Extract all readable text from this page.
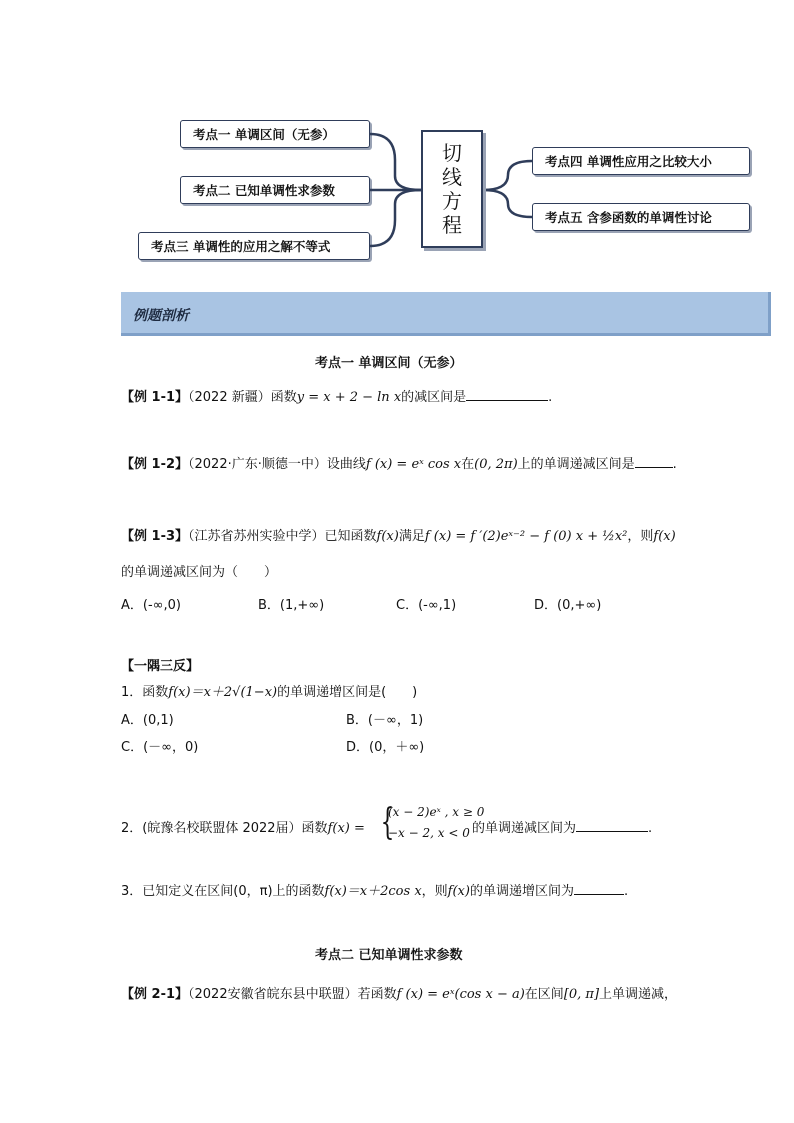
考点一 单调区间（无参）
考点二 已知单调性求参数
考点三 单调性的应用之解不等式
考点四 单调性应用之比较大小
考点五 含参函数的单调性讨论
切
线
方
程
例题剖析
考点一 单调区间（无参）
【例 1-1】（2022 新疆）函数y = x + 2 − ln x的减区间是	.
【例 1-2】（2022·广东·顺德一中）设曲线f (x) = eˣ cos x在(0, 2π)上的单调递减区间是	.
【例 1-3】（江苏省苏州实验中学）已知函数f(x)满足f (x) = f ′(2)eˣ⁻² − f (0) x + ½x²，则f(x)
的单调递减区间为（　　）
A．(-∞,0)	B．(1,+∞)	C．(-∞,1)	D．(0,+∞)
【一隅三反】
1．函数f(x)＝x＋2√(1−x)的单调递增区间是(　　)
A．(0,1)	B．(－∞，1)
C．(－∞，0)	D．(0，＋∞)
2．(皖豫名校联盟体 2022届）函数f(x) = {
(x − 2)eˣ , x ≥ 0
−x − 2, x < 0 的单调递减区间为	.
3．已知定义在区间(0，π)上的函数f(x)＝x＋2cos x，则f(x)的单调递增区间为	.
考点二 已知单调性求参数
【例 2-1】（2022安徽省皖东县中联盟）若函数f (x) = eˣ(cos x − a)在区间[0, π]上单调递减，
